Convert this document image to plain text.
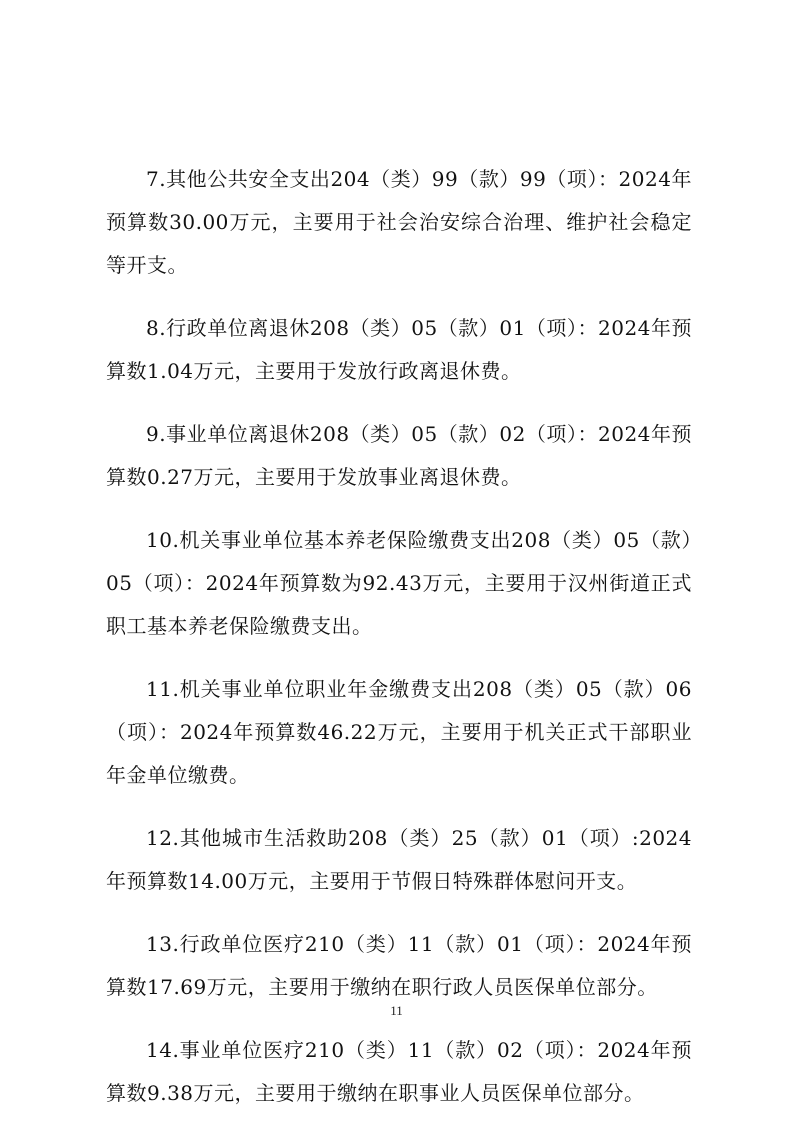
7.其他公共安全支出204（类）99（款）99（项）：2024年预算数30.00万元，主要用于社会治安综合治理、维护社会稳定等开支。

8.行政单位离退休208（类）05（款）01（项）：2024年预算数1.04万元，主要用于发放行政离退休费。

9.事业单位离退休208（类）05（款）02（项）：2024年预算数0.27万元，主要用于发放事业离退休费。

10.机关事业单位基本养老保险缴费支出208（类）05（款）05（项）：2024年预算数为92.43万元，主要用于汉州街道正式职工基本养老保险缴费支出。

11.机关事业单位职业年金缴费支出208（类）05（款）06（项）：2024年预算数46.22万元，主要用于机关正式干部职业年金单位缴费。

12.其他城市生活救助208（类）25（款）01（项）:2024年预算数14.00万元，主要用于节假日特殊群体慰问开支。

13.行政单位医疗210（类）11（款）01（项）：2024年预算数17.69万元，主要用于缴纳在职行政人员医保单位部分。

14.事业单位医疗210（类）11（款）02（项）：2024年预算数9.38万元，主要用于缴纳在职事业人员医保单位部分。

11
